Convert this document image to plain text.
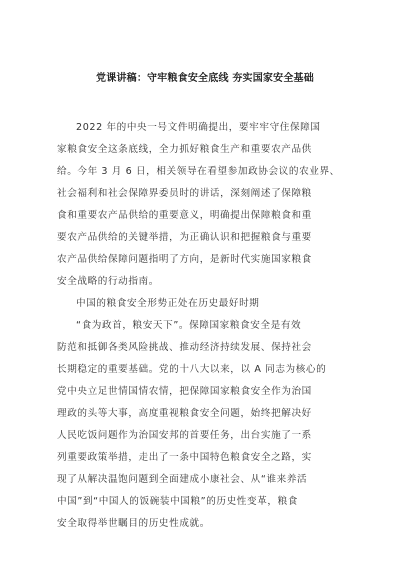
党课讲稿：守牢粮食安全底线 夯实国家安全基础

2022 年的中央一号文件明确提出，要牢牢守住保障国
家粮食安全这条底线，全力抓好粮食生产和重要农产品供
给。今年 3 月 6 日，相关领导在看望参加政协会议的农业界、
社会福利和社会保障界委员时的讲话，深刻阐述了保障粮
食和重要农产品供给的重要意义，明确提出保障粮食和重
要农产品供给的关键举措，为正确认识和把握粮食与重要
农产品供给保障问题指明了方向，是新时代实施国家粮食
安全战略的行动指南。

中国的粮食安全形势正处在历史最好时期

“食为政首，粮安天下”。保障国家粮食安全是有效
防范和抵御各类风险挑战、推动经济持续发展、保持社会
长期稳定的重要基础。党的十八大以来，以 A 同志为核心的
党中央立足世情国情农情，把保障国家粮食安全作为治国
理政的头等大事，高度重视粮食安全问题，始终把解决好
人民吃饭问题作为治国安邦的首要任务，出台实施了一系
列重要政策举措，走出了一条中国特色粮食安全之路，实
现了从解决温饱问题到全面建成小康社会、从“谁来养活
中国”到“中国人的饭碗装中国粮”的历史性变革，粮食
安全取得举世瞩目的历史性成就。
